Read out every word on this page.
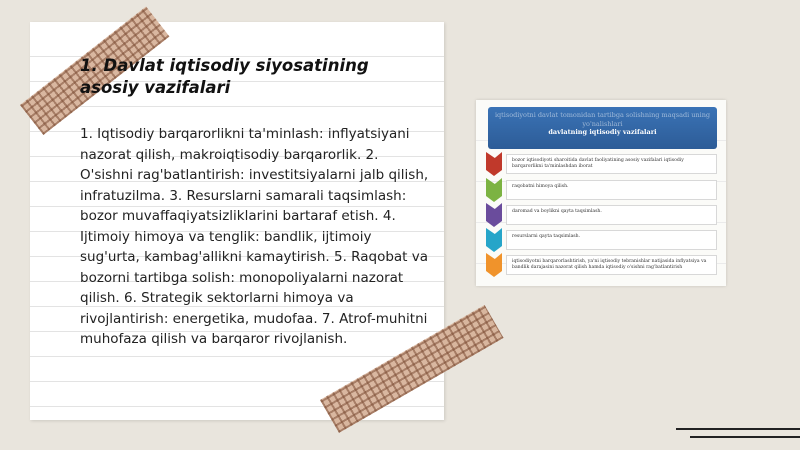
1. Davlat iqtisodiy siyosatining asosiy vazifalari
1. Iqtisodiy barqarorlikni ta'minlash: inflyatsiyani nazorat qilish, makroiqtisodiy barqarorlik. 2. O'sishni rag'batlantirish: investitsiyalarni jalb qilish, infratuzilma. 3. Resurslarni samarali taqsimlash: bozor muvaffaqiyatsizliklarini bartaraf etish. 4. Ijtimoiy himoya va tenglik: bandlik, ijtimoiy sug'urta, kambag'allikni kamaytirish. 5. Raqobat va bozorni tartibga solish: monopoliyalarni nazorat qilish. 6. Strategik sektorlarni himoya va rivojlantirish: energetika, mudofaa. 7. Atrof-muhitni muhofaza qilish va barqaror rivojlanish.
iqtisodiyotni davlat tomonidan tartibga solishning maqsadi uning yo'nalishlari
davlatning iqtisodiy vazifalari
bozor iqtisodiyoti sharoitida davlat faoliyatining asosiy vazifalari iqtisodiy barqarorlikni ta'minlashdan iborat
raqobatni himoya qilish.
daromad va boylikni qayta taqsimlash.
resurslarni qayta taqsimlash.
iqtisodiyotni barqarorlashtirish, ya'ni iqtisodiy tebranishlar natijasida inflyatsiya va bandlik darajasini nazorat qilish hamda iqtisodiy o'sishni rag'batlantirish
